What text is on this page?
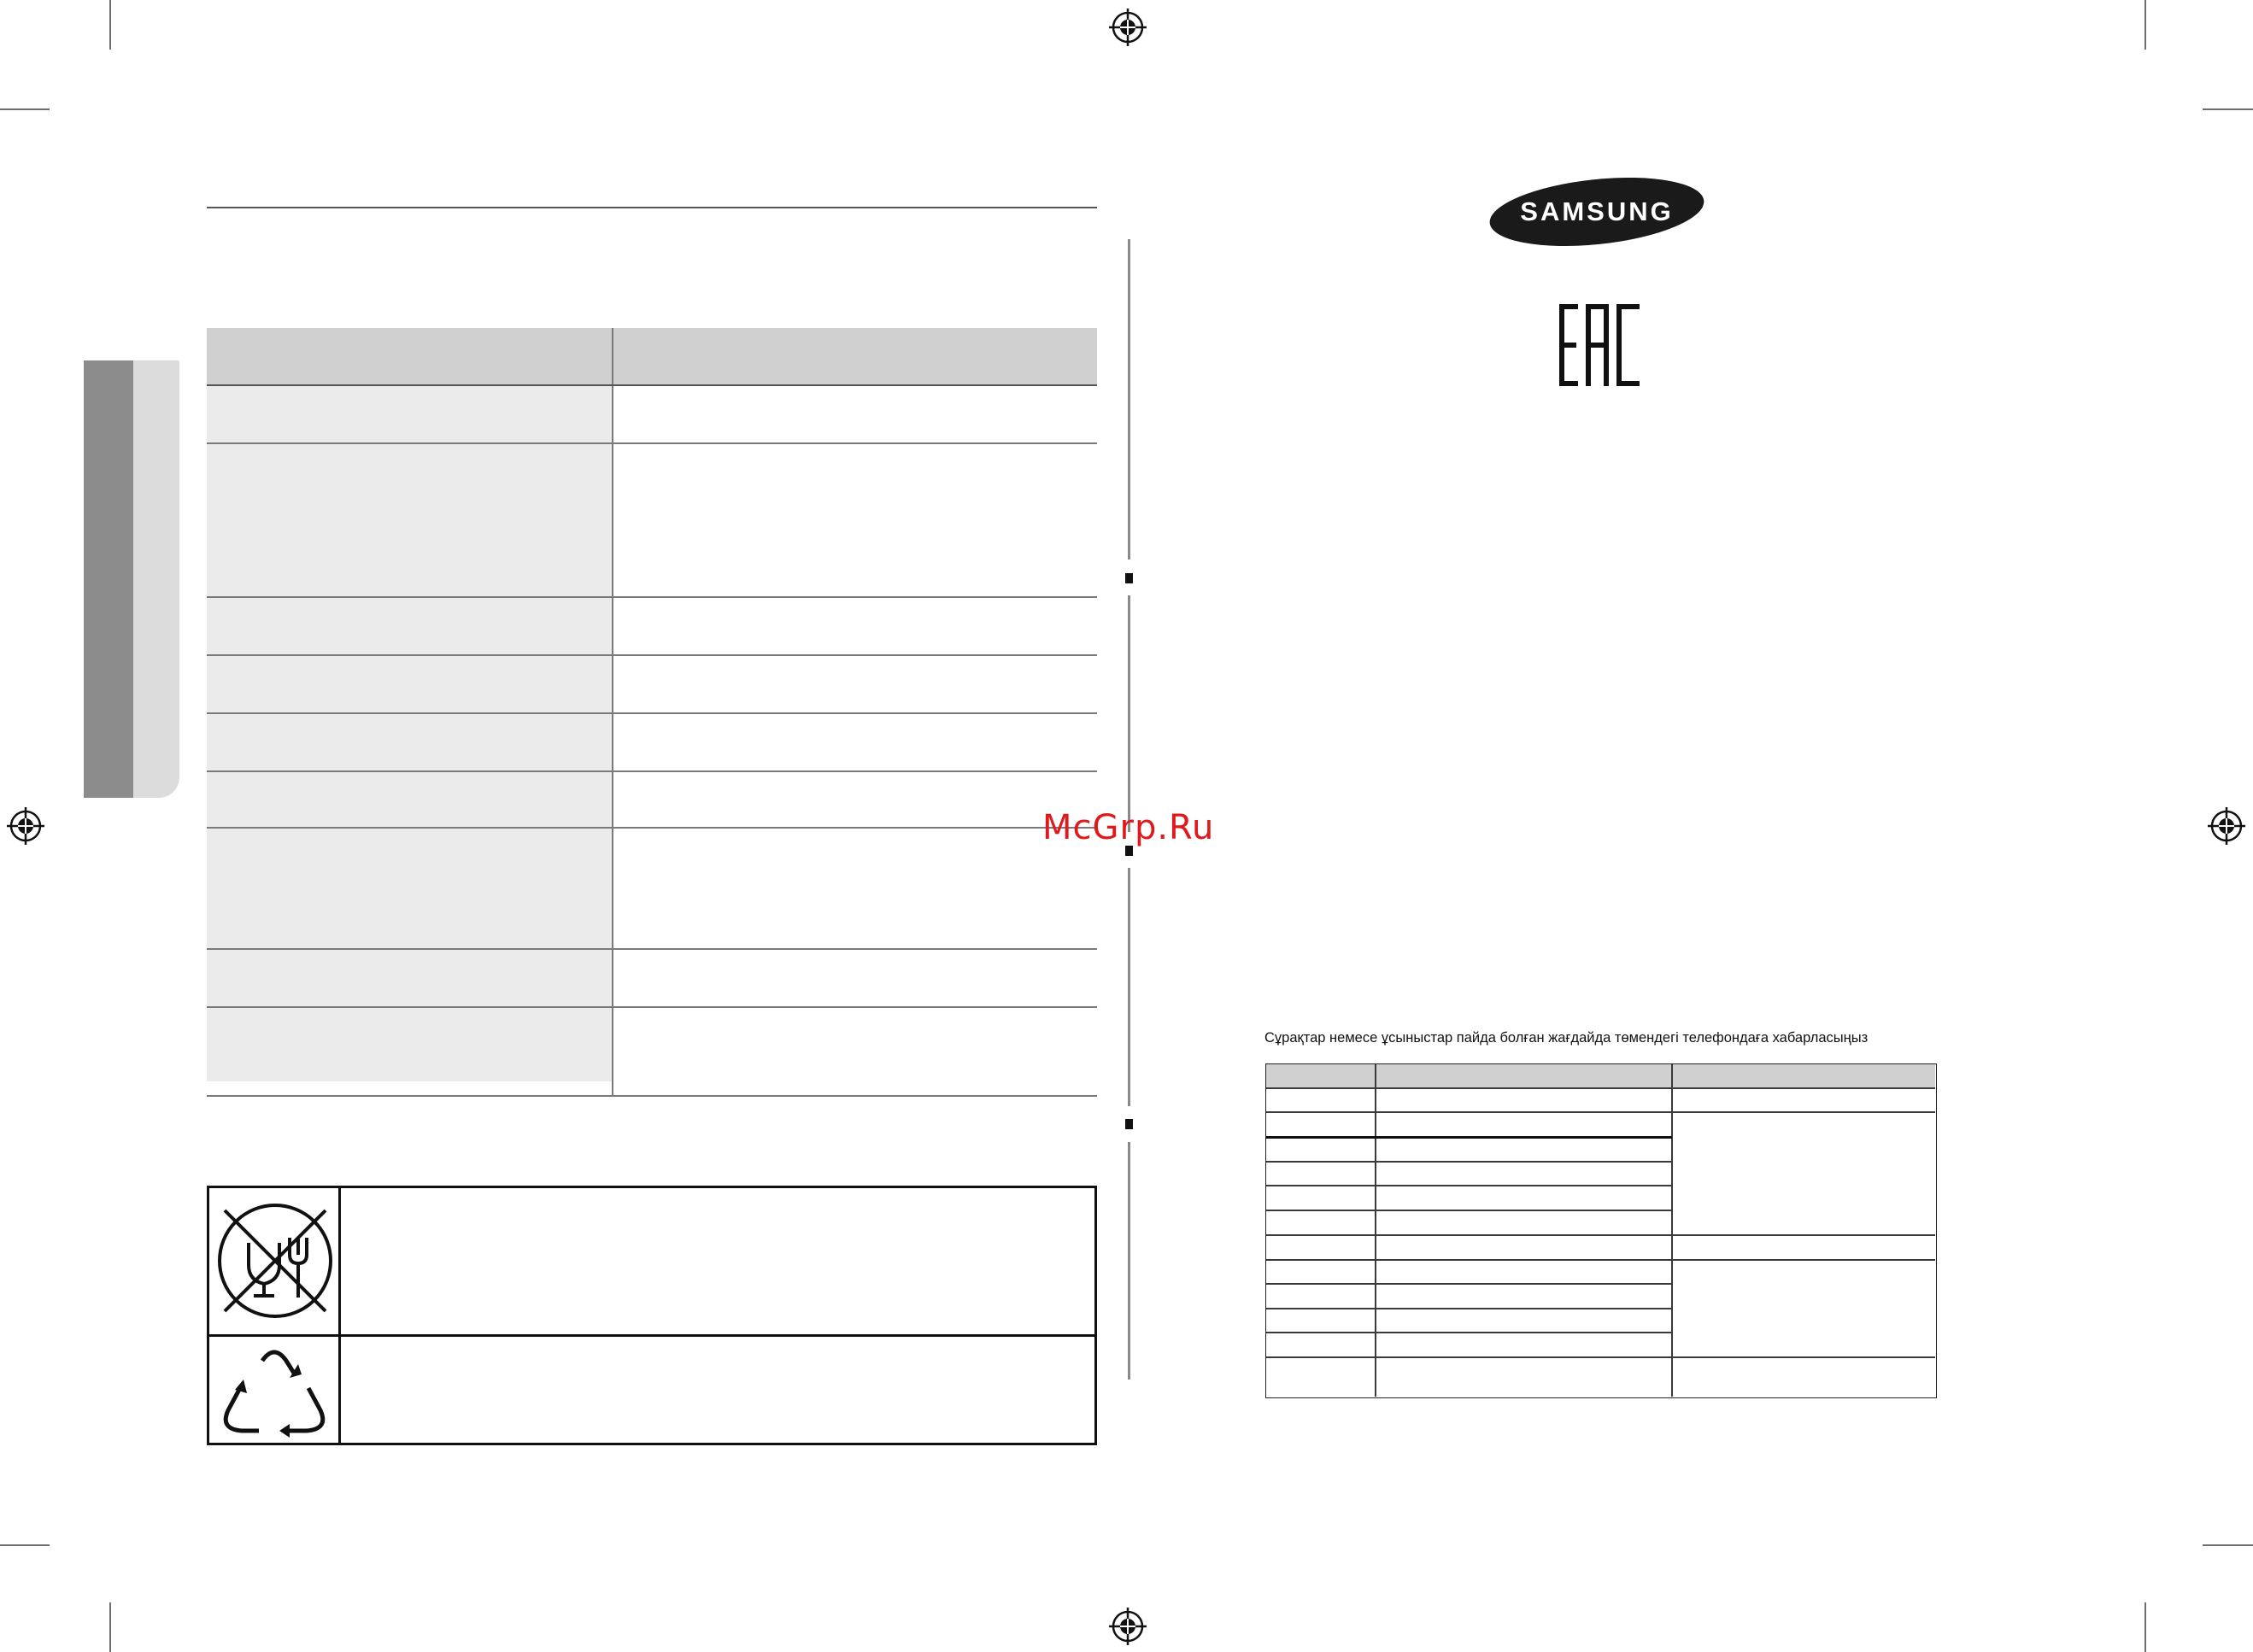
McGrp.Ru
SAMSUNG
Сұрақтар немесе ұсыныстар пайда болған жағдайда төмендегі телефондаға хабарласыңыз
